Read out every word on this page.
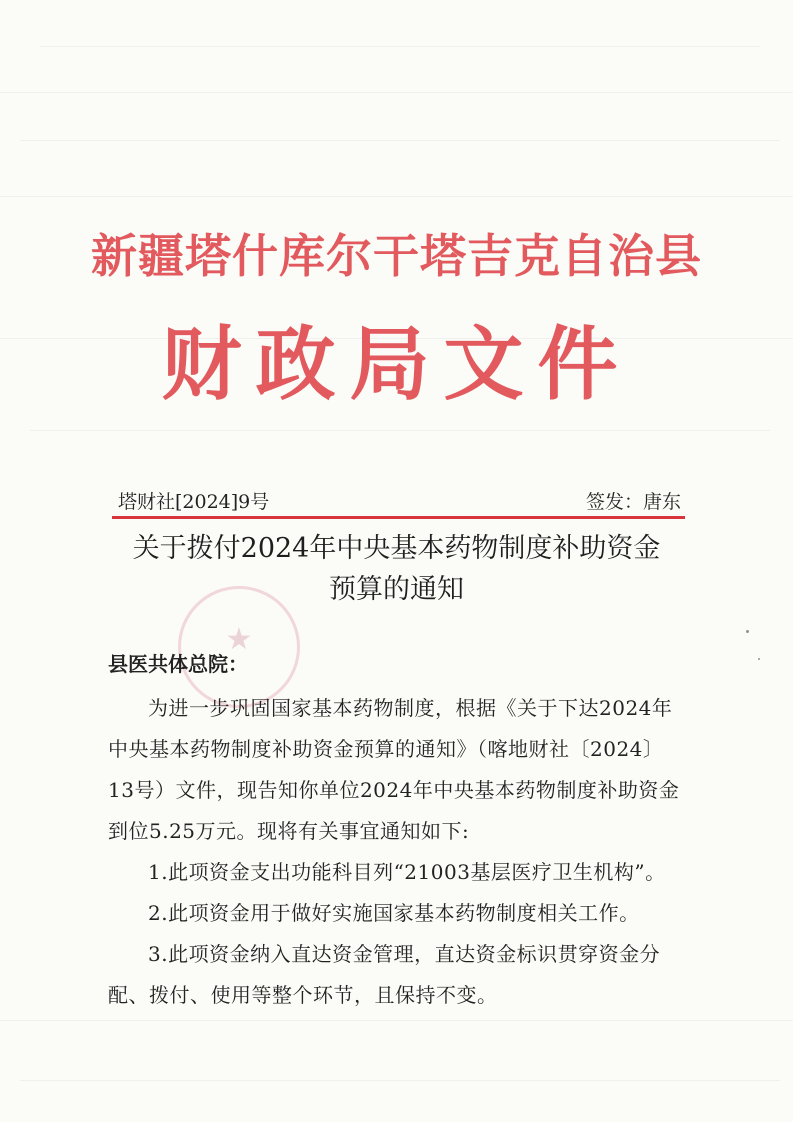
新疆塔什库尔干塔吉克自治县
财政局文件
塔财社[2024]9号	签发：唐东
关于拨付2024年中央基本药物制度补助资金
预算的通知
★
县医共体总院：

为进一步巩固国家基本药物制度，根据《关于下达2024年中央基本药物制度补助资金预算的通知》（喀地财社〔2024〕13号）文件，现告知你单位2024年中央基本药物制度补助资金到位5.25万元。现将有关事宜通知如下:

1.此项资金支出功能科目列“21003基层医疗卫生机构”。

2.此项资金用于做好实施国家基本药物制度相关工作。

3.此项资金纳入直达资金管理，直达资金标识贯穿资金分配、拨付、使用等整个环节，且保持不变。
